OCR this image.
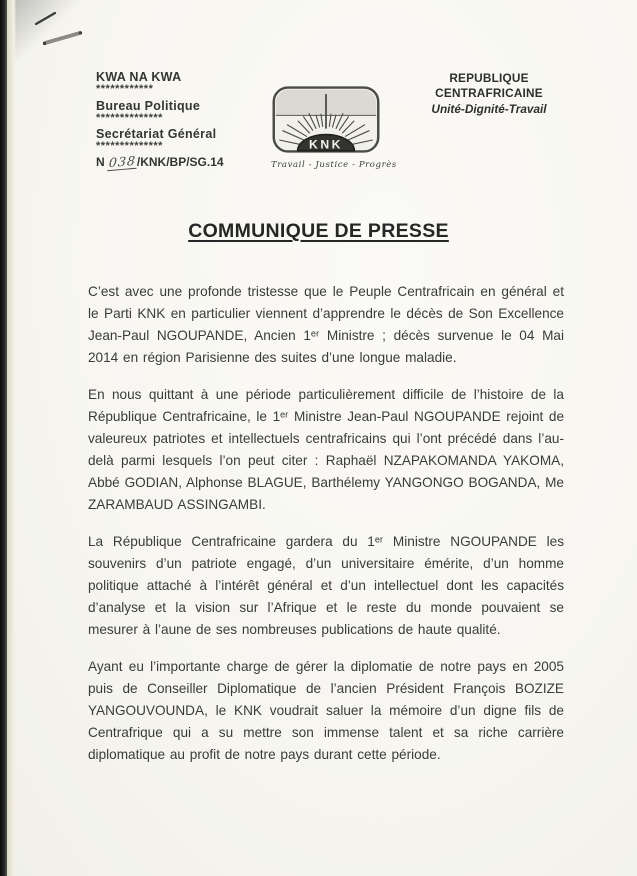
KWA NA KWA
************
Bureau Politique
**************
Secrétariat Général
**************
N 038/KNK/BP/SG.14
REPUBLIQUE CENTRAFRICAINE
Unité-Dignité-Travail
KNK
Travail - Justice - Progrès
COMMUNIQUE DE PRESSE

C’est avec une profonde tristesse que le Peuple Centrafricain en général et le Parti KNK en particulier viennent d’apprendre le décès de Son Excellence Jean-Paul NGOUPANDE, Ancien 1ᵉʳ Ministre ; décès survenue le 04 Mai 2014 en région Parisienne des suites d’une longue maladie.

En nous quittant à une période particulièrement difficile de l’histoire de la République Centrafricaine, le 1ᵉʳ Ministre Jean-Paul NGOUPANDE rejoint de valeureux patriotes et intellectuels centrafricains qui l’ont précédé dans l’au-delà parmi lesquels l’on peut citer : Raphaël NZAPAKOMANDA YAKOMA, Abbé GODIAN, Alphonse BLAGUE, Barthélemy YANGONGO BOGANDA, Me ZARAMBAUD ASSINGAMBI.

La République Centrafricaine gardera du 1ᵉʳ Ministre NGOUPANDE les souvenirs d’un patriote engagé, d’un universitaire émérite, d’un homme politique attaché à l’intérêt général et d’un intellectuel dont les capacités d’analyse et la vision sur l’Afrique et le reste du monde pouvaient se mesurer à l’aune de ses nombreuses publications de haute qualité.

Ayant eu l’importante charge de gérer la diplomatie de notre pays en 2005 puis de Conseiller Diplomatique de l’ancien Président François BOZIZE YANGOUVOUNDA, le KNK voudrait saluer la mémoire d’un digne fils de Centrafrique qui a su mettre son immense talent et sa riche carrière diplomatique au profit de notre pays durant cette période.
